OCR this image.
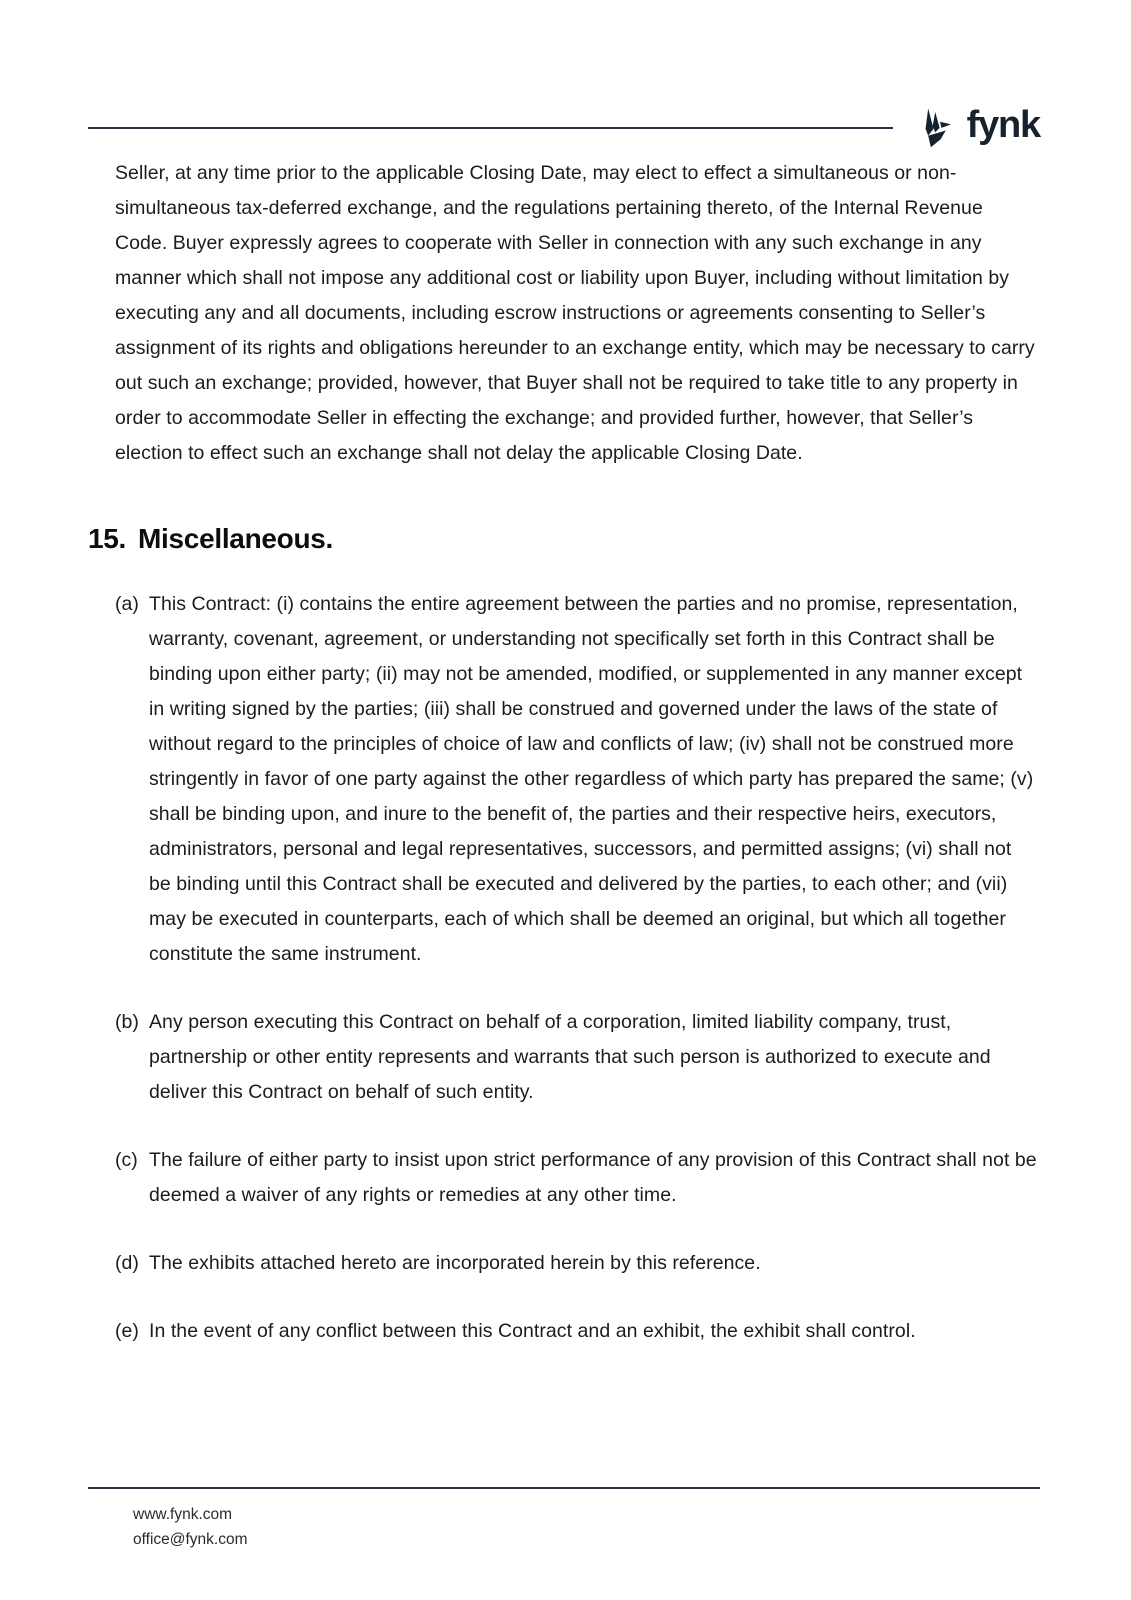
fynk

Seller, at any time prior to the applicable Closing Date, may elect to effect a simultaneous or non-simultaneous tax-deferred exchange, and the regulations pertaining thereto, of the Internal Revenue Code. Buyer expressly agrees to cooperate with Seller in connection with any such exchange in any manner which shall not impose any additional cost or liability upon Buyer, including without limitation by executing any and all documents, including escrow instructions or agreements consenting to Seller’s assignment of its rights and obligations hereunder to an exchange entity, which may be necessary to carry out such an exchange; provided, however, that Buyer shall not be required to take title to any property in order to accommodate Seller in effecting the exchange; and provided further, however, that Seller’s election to effect such an exchange shall not delay the applicable Closing Date.

15. Miscellaneous.
(a) This Contract: (i) contains the entire agreement between the parties and no promise, representation, warranty, covenant, agreement, or understanding not specifically set forth in this Contract shall be binding upon either party; (ii) may not be amended, modified, or supplemented in any manner except in writing signed by the parties; (iii) shall be construed and governed under the laws of the state of without regard to the principles of choice of law and conflicts of law; (iv) shall not be construed more stringently in favor of one party against the other regardless of which party has prepared the same; (v) shall be binding upon, and inure to the benefit of, the parties and their respective heirs, executors, administrators, personal and legal representatives, successors, and permitted assigns; (vi) shall not be binding until this Contract shall be executed and delivered by the parties, to each other; and (vii) may be executed in counterparts, each of which shall be deemed an original, but which all together constitute the same instrument.
(b) Any person executing this Contract on behalf of a corporation, limited liability company, trust, partnership or other entity represents and warrants that such person is authorized to execute and deliver this Contract on behalf of such entity.
(c) The failure of either party to insist upon strict performance of any provision of this Contract shall not be deemed a waiver of any rights or remedies at any other time.
(d) The exhibits attached hereto are incorporated herein by this reference.
(e) In the event of any conflict between this Contract and an exhibit, the exhibit shall control.
www.fynk.com
office@fynk.com
